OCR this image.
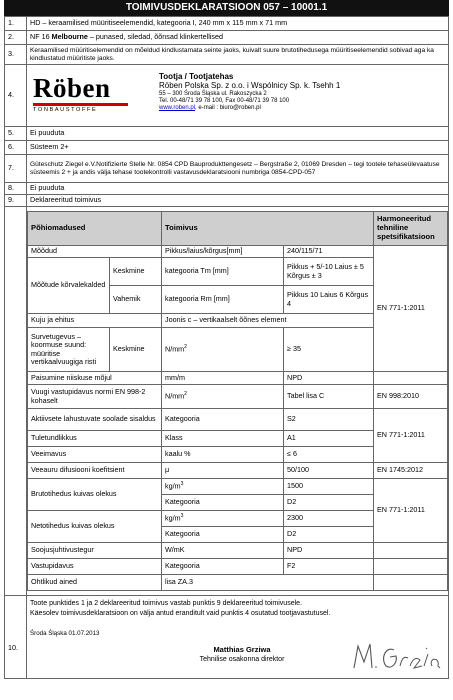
TOIMIVUSDEKLARATSIOON 057 – 10001.1
1.	HD – keraamilised müüritiseelemendid, kategooria I, 240 mm x 115 mm x 71 mm
2.	NF 16 Melbourne – punased, siledad, õõnsad klinkertellised
3.	Keraamilised müüritiselemendid on mõeldud kindlustamata seinte jaoks, kuivalt suure brutotihedusega müüritiseelemendid sobivad aga ka kindlustatud müüritiste jaoks.
4.	Röben
TONBAUSTOFFE
Tootja / Tootjatehas
Röben Polska Sp. z o.o. i Wspólnicy Sp. k. Tsehh 1
55 – 300 Środa Śląska ul. Rakoszycka 2
Tel. 00-48/71 39 78 100, Fax 00-48/71 39 78 100
www.roben.pl, e-mail : biuro@roben.pl

5.	Ei puuduta
6.	Süsteem 2+
7.	Güteschutz Ziegel e.V.Notifizierte Stelle Nr. 0854 CPD Bauprodukttengesetz – Bergstraße 2, 01069 Dresden – tegi tootele tehaseülevaatuse süsteemis 2 + ja andis välja tehase tootekontrolli vastavusdeklaratsiooni numbriga 0854-CPD-057
8.	Ei puuduta
9.	Deklareeritud toimivus

Põhiomadused	Toimivus	Harmoneeritud tehniline spetsifikatsioon
Mõõdud	Pikkus/laius/kõrgus[mm]	240/115/71	EN 771-1:2011
Mõõtude kõrvalekalded	Keskmine	kategooria Tm [mm]	Pikkus + 5/-10 Laius ± 5 Kõrgus ± 3
Vahemik	kategooria Rm [mm]	Pikkus 10 Laius 6 Kõrgus 4
Kuju ja ehitus	Joonis c – vertikaalselt õõnes element
Survetugevus – koormuse suund: müüritise vertikaalvuugiga risti	Keskmine	$N/mm^2$	≥ 35
Paisumine niiskuse mõjul	mm/m	NPD	
Vuugi vastupidavus normi EN 998-2 kohaselt	$N/mm^2$	Tabel lisa C	EN 998:2010
Aktiivsete lahustuvate soolade sisaldus	Kategooria	S2	EN 771-1:2011
Tuletundlikkus	Klass	A1
Veeimavus	kaalu %	≤ 6
Veeauru difusiooni koefitsient	μ	50/100	EN 1745:2012
Brutotihedus kuivas olekus	$kg/m^3$	1500	EN 771-1:2011
Kategooria	D2
Netotihedus kuivas olekus	$kg/m^3$	2300
Kategooria	D2
Soojusjuhtivustegur	W/mK	NPD	
Vastupidavus	Kategooria	F2	
Ohtlikud ained	lisa ZA.3	

10.	
Toote punktides 1 ja 2 deklareeritud toimivus vastab punktis 9 deklareeritud toimivusele.
Käesolev toimivusdeklaratsioon on välja antud eranditult vaid punktis 4 osutatud tootjavastutusel.
Środa Śląska 01.07.2013
Matthias Grziwa
Tehnilise osakonna direktor
